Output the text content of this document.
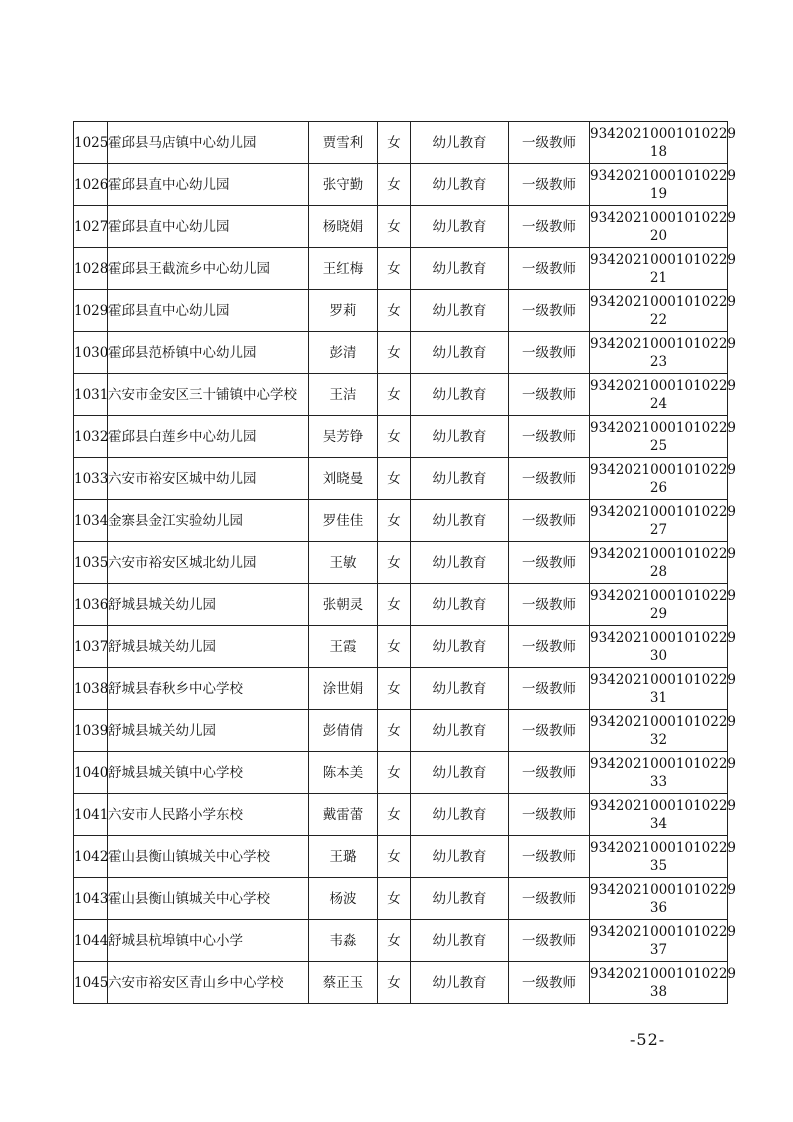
1025	霍邱县马店镇中心幼儿园	贾雪利	女	幼儿教育	一级教师	93420210001010229
18

1026	霍邱县直中心幼儿园	张守勤	女	幼儿教育	一级教师	93420210001010229
19

1027	霍邱县直中心幼儿园	杨晓娟	女	幼儿教育	一级教师	93420210001010229
20

1028	霍邱县王截流乡中心幼儿园	王红梅	女	幼儿教育	一级教师	93420210001010229
21

1029	霍邱县直中心幼儿园	罗莉	女	幼儿教育	一级教师	93420210001010229
22

1030	霍邱县范桥镇中心幼儿园	彭清	女	幼儿教育	一级教师	93420210001010229
23

1031	六安市金安区三十铺镇中心学校	王洁	女	幼儿教育	一级教师	93420210001010229
24

1032	霍邱县白莲乡中心幼儿园	吴芳铮	女	幼儿教育	一级教师	93420210001010229
25

1033	六安市裕安区城中幼儿园	刘晓曼	女	幼儿教育	一级教师	93420210001010229
26

1034	金寨县金江实验幼儿园	罗佳佳	女	幼儿教育	一级教师	93420210001010229
27

1035	六安市裕安区城北幼儿园	王敏	女	幼儿教育	一级教师	93420210001010229
28

1036	舒城县城关幼儿园	张朝灵	女	幼儿教育	一级教师	93420210001010229
29

1037	舒城县城关幼儿园	王霞	女	幼儿教育	一级教师	93420210001010229
30

1038	舒城县春秋乡中心学校	涂世娟	女	幼儿教育	一级教师	93420210001010229
31

1039	舒城县城关幼儿园	彭倩倩	女	幼儿教育	一级教师	93420210001010229
32

1040	舒城县城关镇中心学校	陈本美	女	幼儿教育	一级教师	93420210001010229
33

1041	六安市人民路小学东校	戴雷蕾	女	幼儿教育	一级教师	93420210001010229
34

1042	霍山县衡山镇城关中心学校	王璐	女	幼儿教育	一级教师	93420210001010229
35

1043	霍山县衡山镇城关中心学校	杨波	女	幼儿教育	一级教师	93420210001010229
36

1044	舒城县杭埠镇中心小学	韦淼	女	幼儿教育	一级教师	93420210001010229
37

1045	六安市裕安区青山乡中心学校	蔡正玉	女	幼儿教育	一级教师	93420210001010229
38
-52-
